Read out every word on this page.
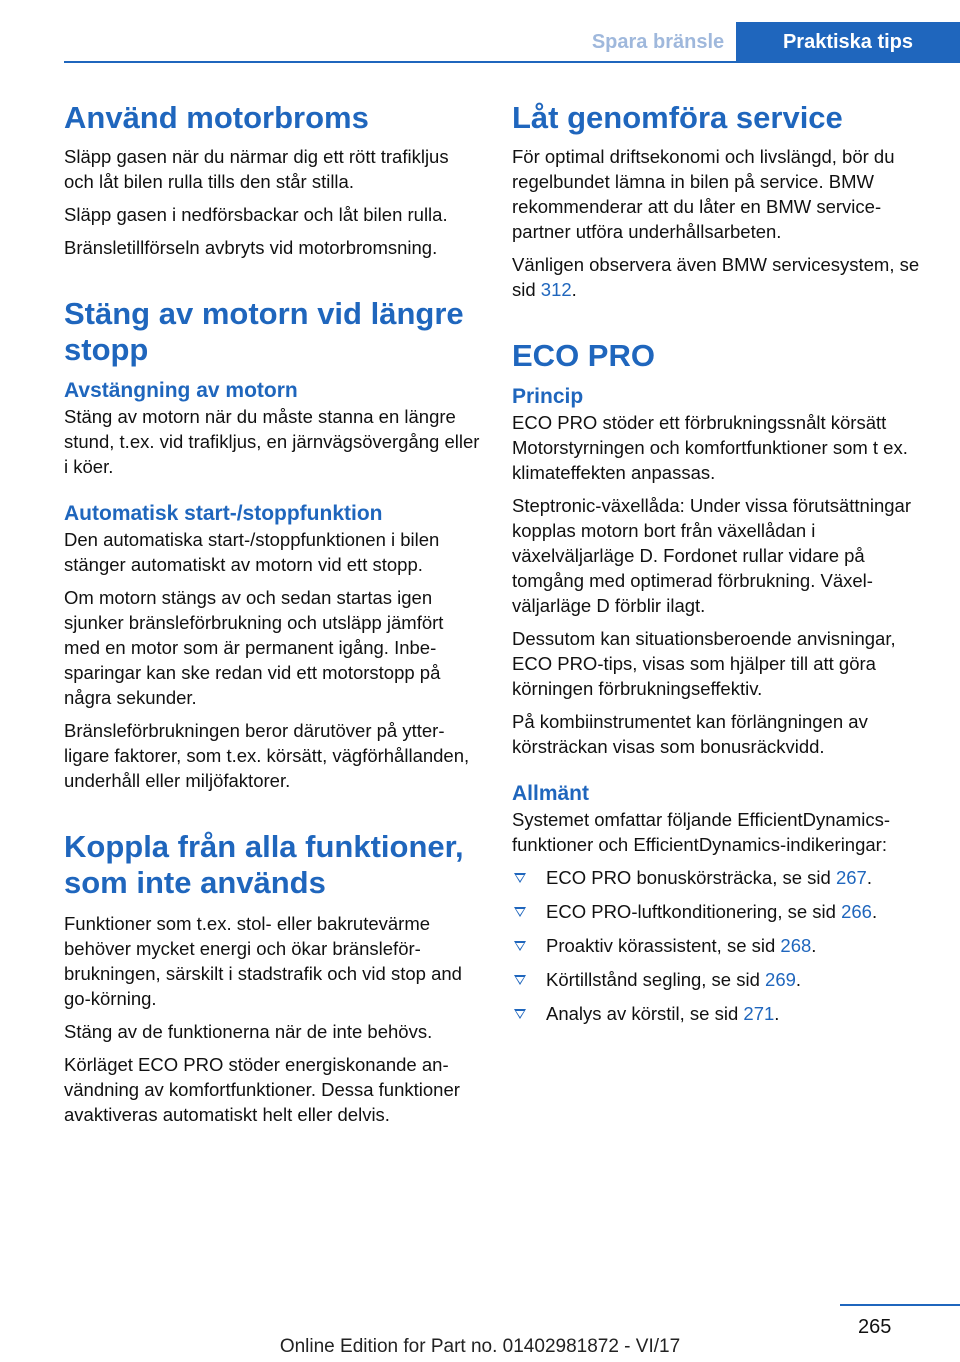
Spara bränsle	Praktiska tips
Använd motorbroms

Släpp gasen när du närmar dig ett rött trafikljus och låt bilen rulla tills den står stilla.

Släpp gasen i nedförsbackar och låt bilen rulla.

Bränsletillförseln avbryts vid motorbromsning.

Stäng av motorn vid längre stopp
Avstängning av motorn

Stäng av motorn när du måste stanna en längre stund, t.ex. vid trafikljus, en järnvägsövergång eller i köer.

Automatisk start-/stoppfunktion

Den automatiska start-/stoppfunktionen i bilen stänger automatiskt av motorn vid ett stopp.

Om motorn stängs av och sedan startas igen sjunker bränsleförbrukning och utsläpp jämfört med en motor som är permanent igång. Inbesparingar kan ske redan vid ett motorstopp på några sekunder.

Bränsleförbrukningen beror därutöver på ytterligare faktorer, som t.ex. körsätt, vägförhållanden, underhåll eller miljöfaktorer.

Koppla från alla funktioner, som inte används

Funktioner som t.ex. stol- eller bakrutevärme behöver mycket energi och ökar bränsleförbrukningen, särskilt i stadstrafik och vid stop and go-körning.

Stäng av de funktionerna när de inte behövs.

Körläget ECO PRO stöder energiskonande användning av komfortfunktioner. Dessa funktioner avaktiveras automatiskt helt eller delvis.

Låt genomföra service

För optimal driftsekonomi och livslängd, bör du regelbundet lämna in bilen på service. BMW rekommenderar att du låter en BMW servicepartner utföra underhållsarbeten.

Vänligen observera även BMW servicesystem, se sid 312.

ECO PRO
Princip

ECO PRO stöder ett förbrukningssnålt körsätt Motorstyrningen och komfortfunktioner som t ex. klimateffekten anpassas.

Steptronic-växellåda: Under vissa förutsättningar kopplas motorn bort från växellådan i växelväljarläge D. Fordonet rullar vidare på tomgång med optimerad förbrukning. Växelväljarläge D förblir ilagt.

Dessutom kan situationsberoende anvisningar, ECO PRO-tips, visas som hjälper till att göra körningen förbrukningseffektiv.

På kombiinstrumentet kan förlängningen av körsträckan visas som bonusräckvidd.

Allmänt

Systemet omfattar följande EfficientDynamics-funktioner och EfficientDynamics-indikeringar:

ECO PRO bonuskörsträcka, se sid 267.
ECO PRO-luftkonditionering, se sid 266.
Proaktiv körassistent, se sid 268.
Körtillstånd segling, se sid 269.
Analys av körstil, se sid 271.
265
Online Edition for Part no. 01402981872 - VI/17
